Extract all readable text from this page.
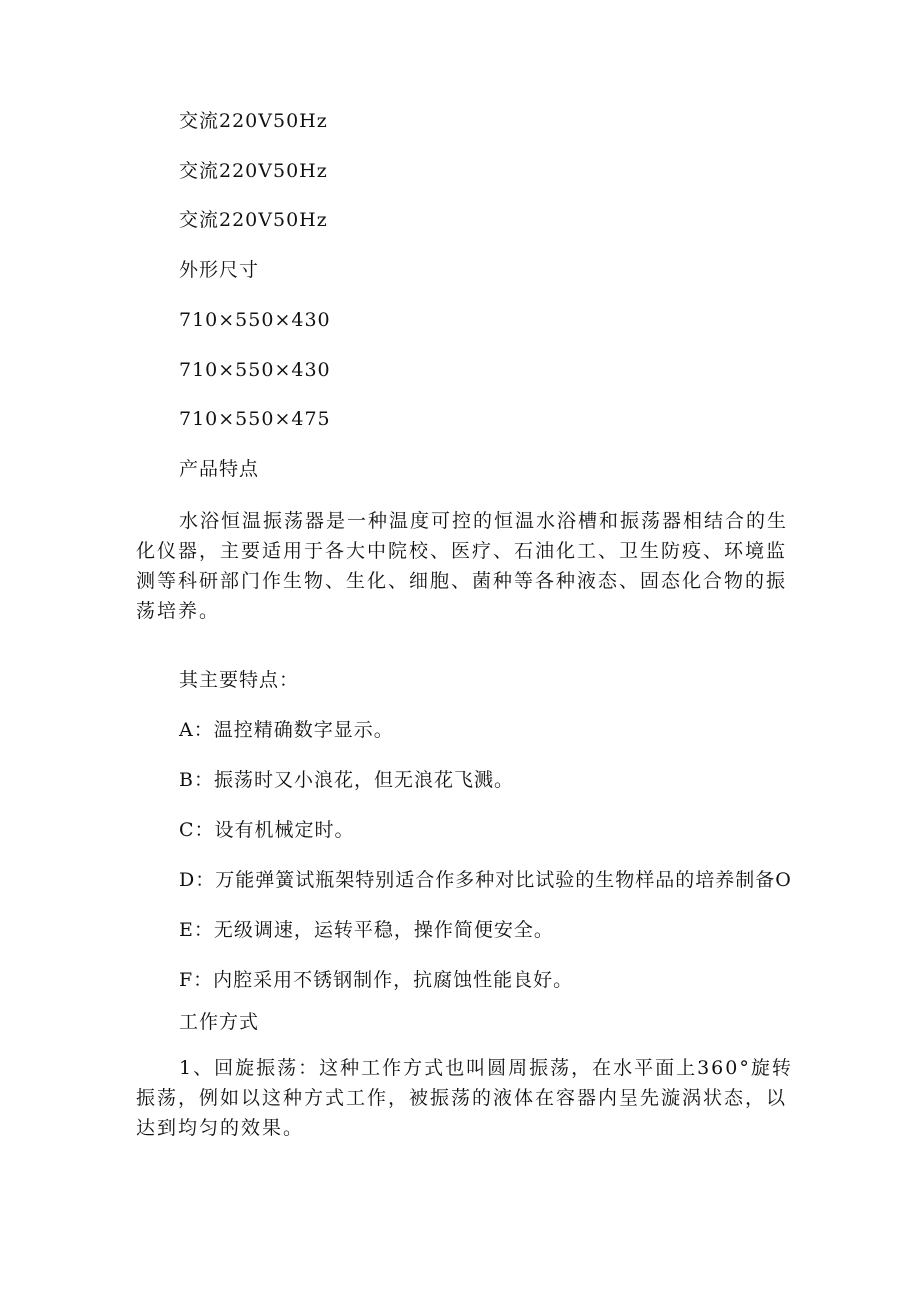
交流220V50Hz
交流220V50Hz
交流220V50Hz
外形尺寸
710×550×430
710×550×430
710×550×475
产品特点
水浴恒温振荡器是一种温度可控的恒温水浴槽和振荡器相结合的生化仪器，主要适用于各大中院校、医疗、石油化工、卫生防疫、环境监测等科研部门作生物、生化、细胞、菌种等各种液态、固态化合物的振荡培养。
其主要特点：
A：温控精确数字显示。
B：振荡时又小浪花，但无浪花飞溅。
C：设有机械定时。
D：万能弹簧试瓶架特别适合作多种对比试验的生物样品的培养制备O
E：无级调速，运转平稳，操作简便安全。
F：内腔采用不锈钢制作，抗腐蚀性能良好。
工作方式
1、回旋振荡：这种工作方式也叫圆周振荡，在水平面上360°旋转振荡，例如以这种方式工作，被振荡的液体在容器内呈先漩涡状态，以达到均匀的效果。
